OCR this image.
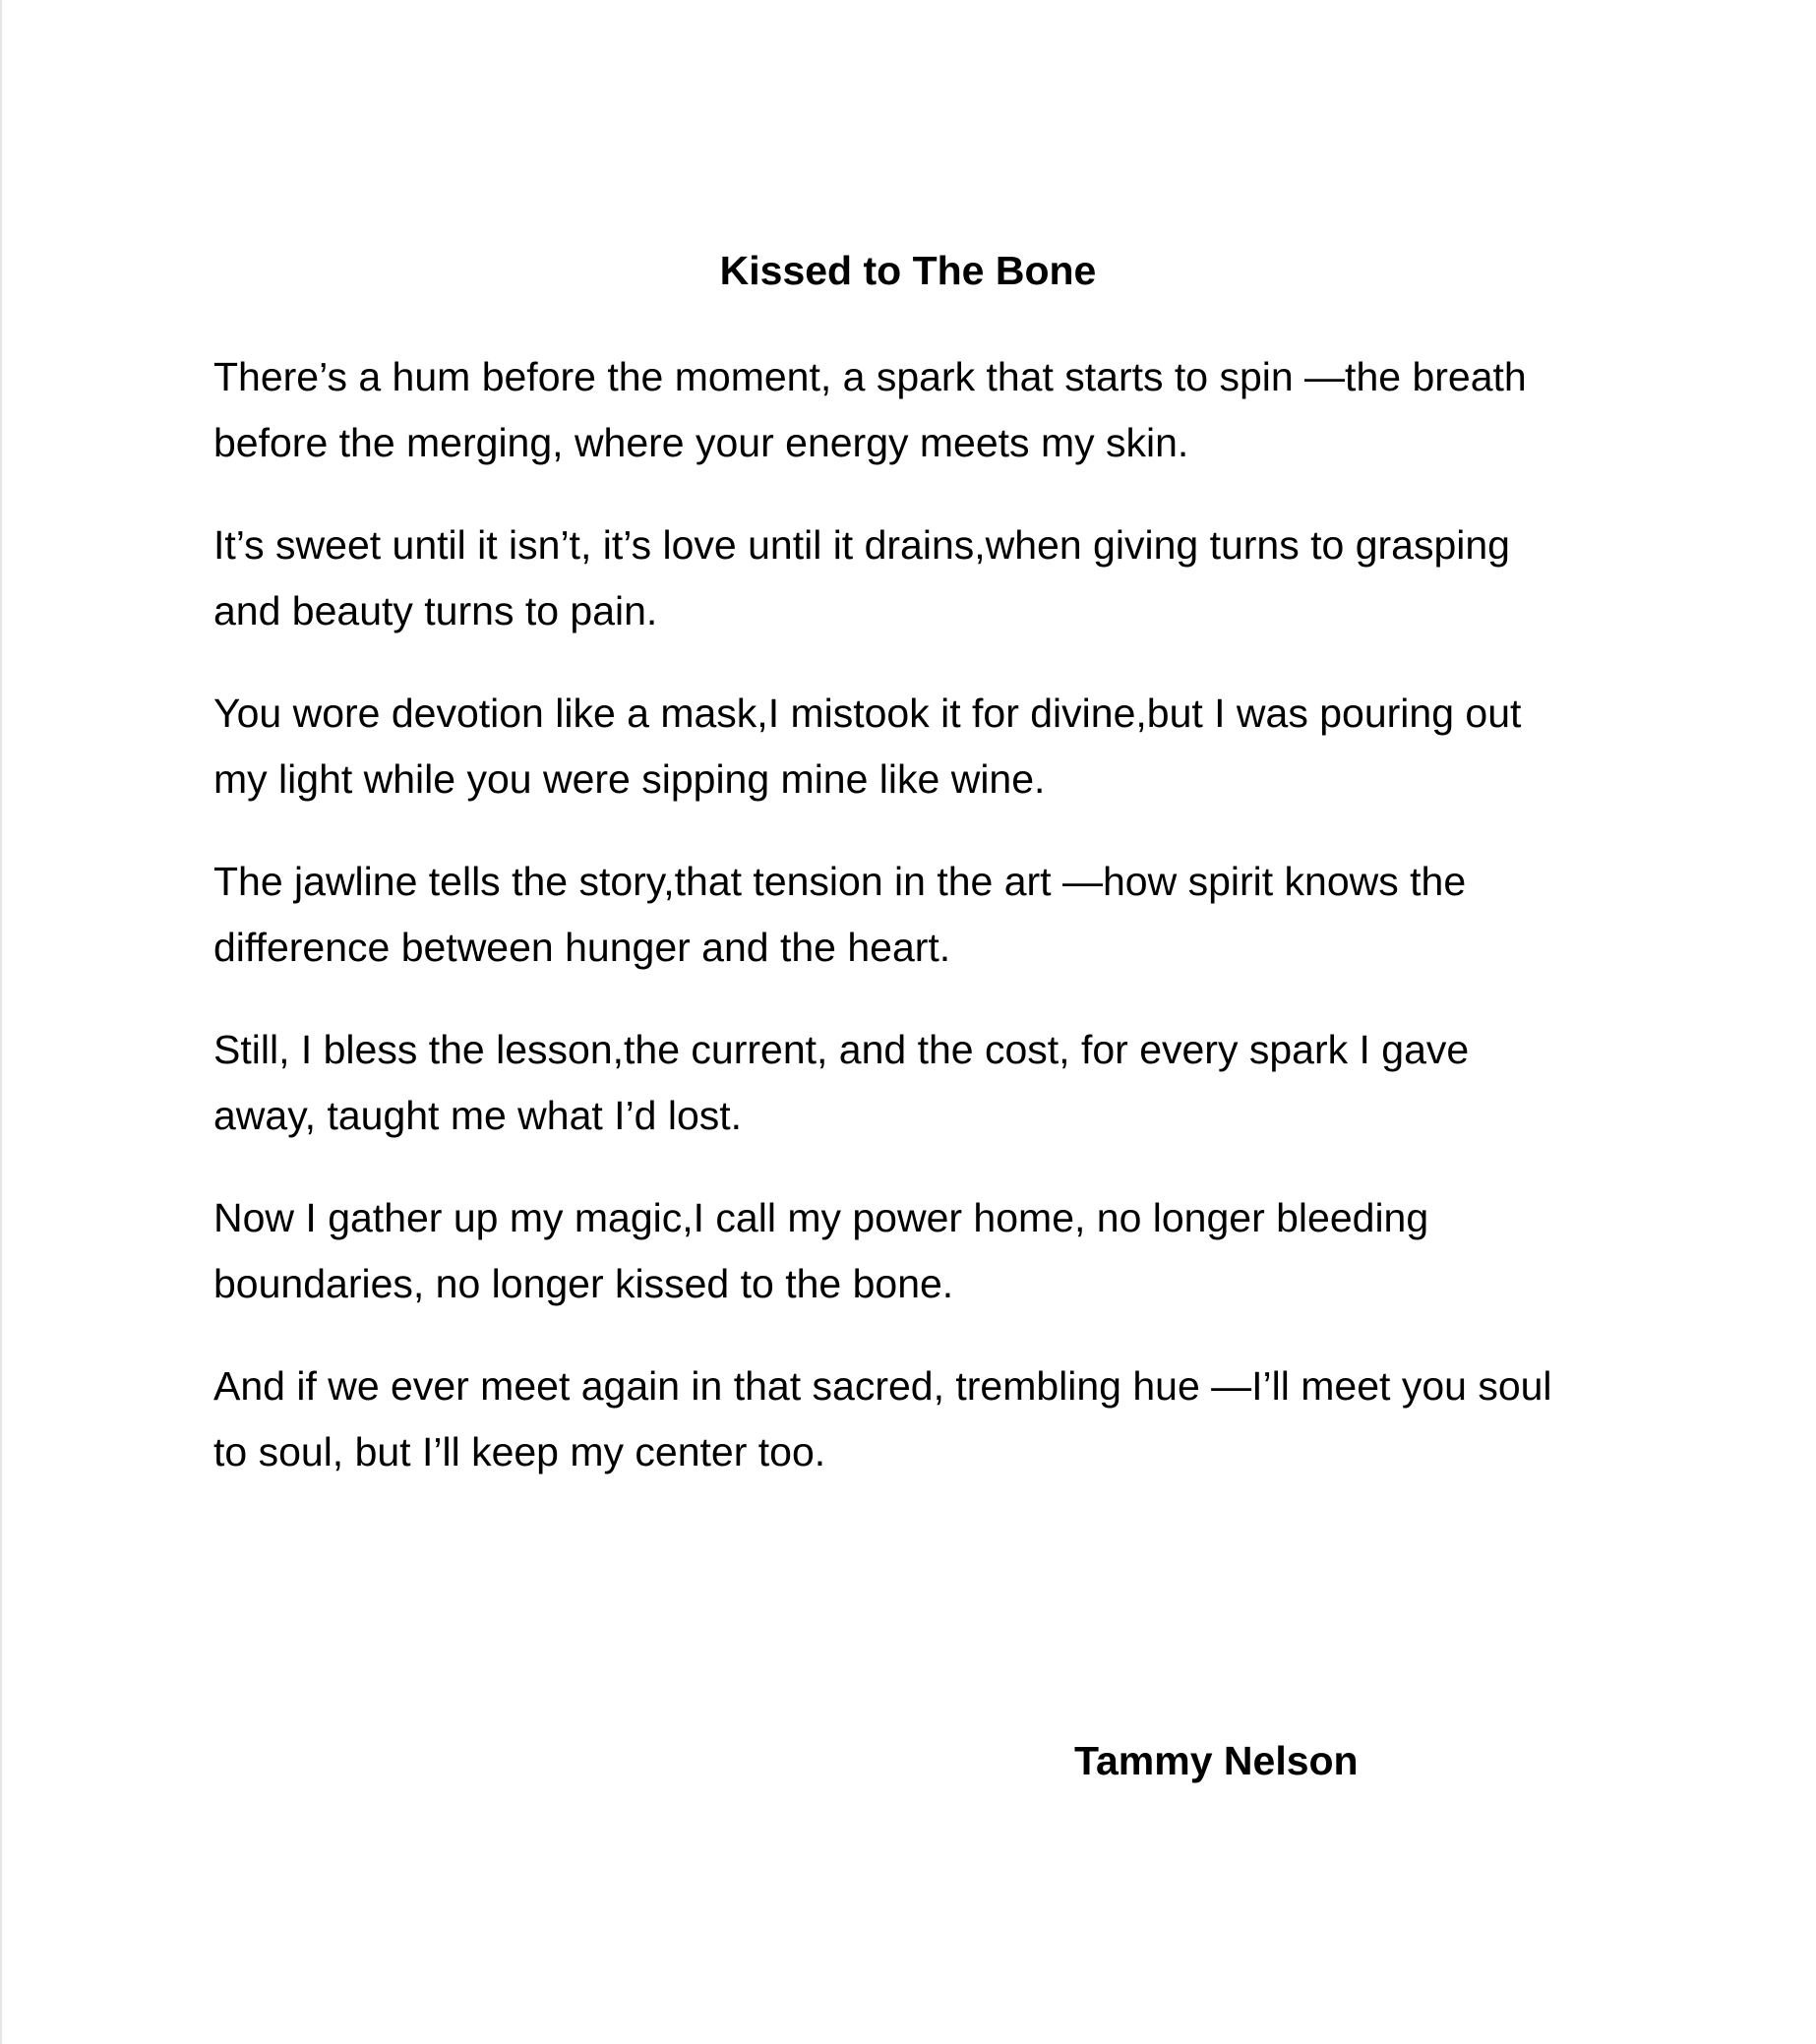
Kissed to The Bone

There’s a hum before the moment, a spark that starts to spin —the breath
before the merging, where your energy meets my skin.

It’s sweet until it isn’t, it’s love until it drains,when giving turns to grasping
and beauty turns to pain.

You wore devotion like a mask,I mistook it for divine,but I was pouring out
my light while you were sipping mine like wine.

The jawline tells the story,that tension in the art —how spirit knows the
difference between hunger and the heart.

Still, I bless the lesson,the current, and the cost, for every spark I gave
away, taught me what I’d lost.

Now I gather up my magic,I call my power home, no longer bleeding
boundaries, no longer kissed to the bone.

And if we ever meet again in that sacred, trembling hue —I’ll meet you soul
to soul, but I’ll keep my center too.

Tammy Nelson
